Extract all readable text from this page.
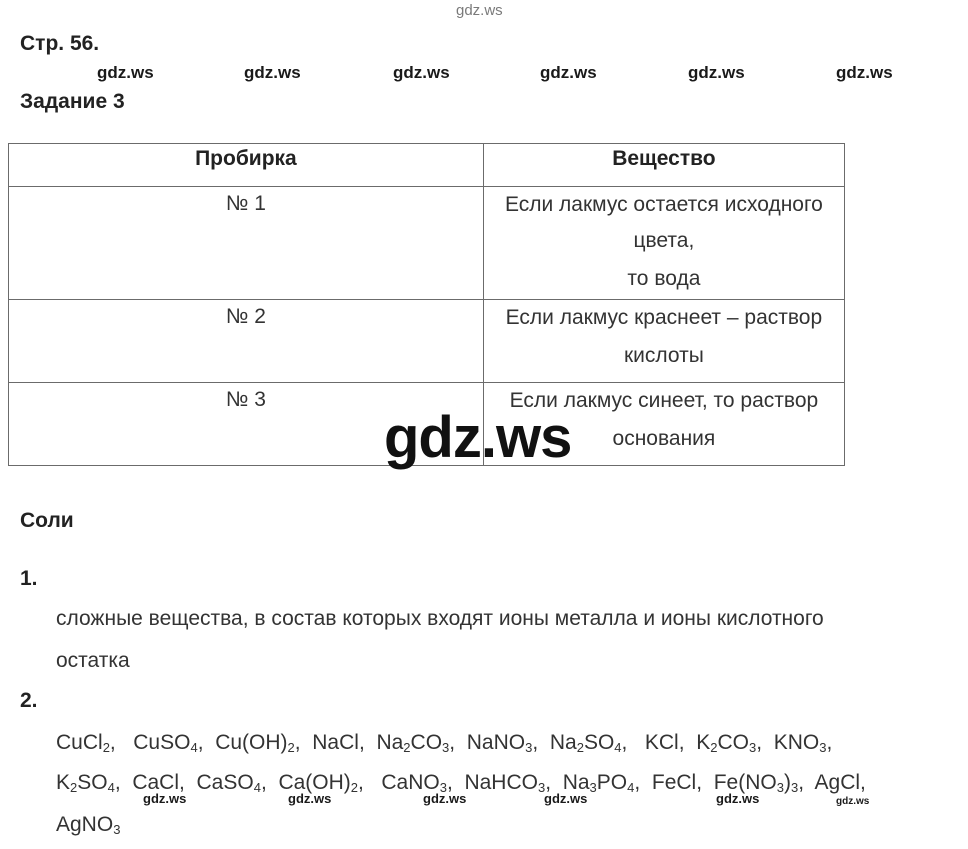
gdz.ws
gdz.ws	gdz.ws	gdz.ws	gdz.ws	gdz.ws	gdz.ws
Стр. 56.
Задание 3
Пробирка	Вещество

№ 1	Если лакмус остается исходного цвета,
то вода

№ 2	Если лакмус краснеет – раствор
кислоты

№ 3	Если лакмус синеет, то раствор
основания
gdz.ws
Соли
1.
сложные вещества, в состав которых входят ионы металла и ионы кислотного
остатка
2.
CuCl$_2$,   CuSO$_4$,  $Cu(OH)_2$,  NaCl,  $Na_2CO_3$,  NaNO$_3$,  $Na_2SO_4$,   KCl,  $K_2CO_3$,  $KNO_3$,
$K_2SO_4$,  CaCl,  CaSO$_4$,  $Ca(OH)_2$,   CaNO$_3$,  NaHCO$_3$,  $Na_3PO_4$,  FeCl,  $Fe(NO_3)_3$,  AgCl,
AgNO$_3$
gdz.ws	gdz.ws	gdz.ws	gdz.ws	gdz.ws	gdz.ws
